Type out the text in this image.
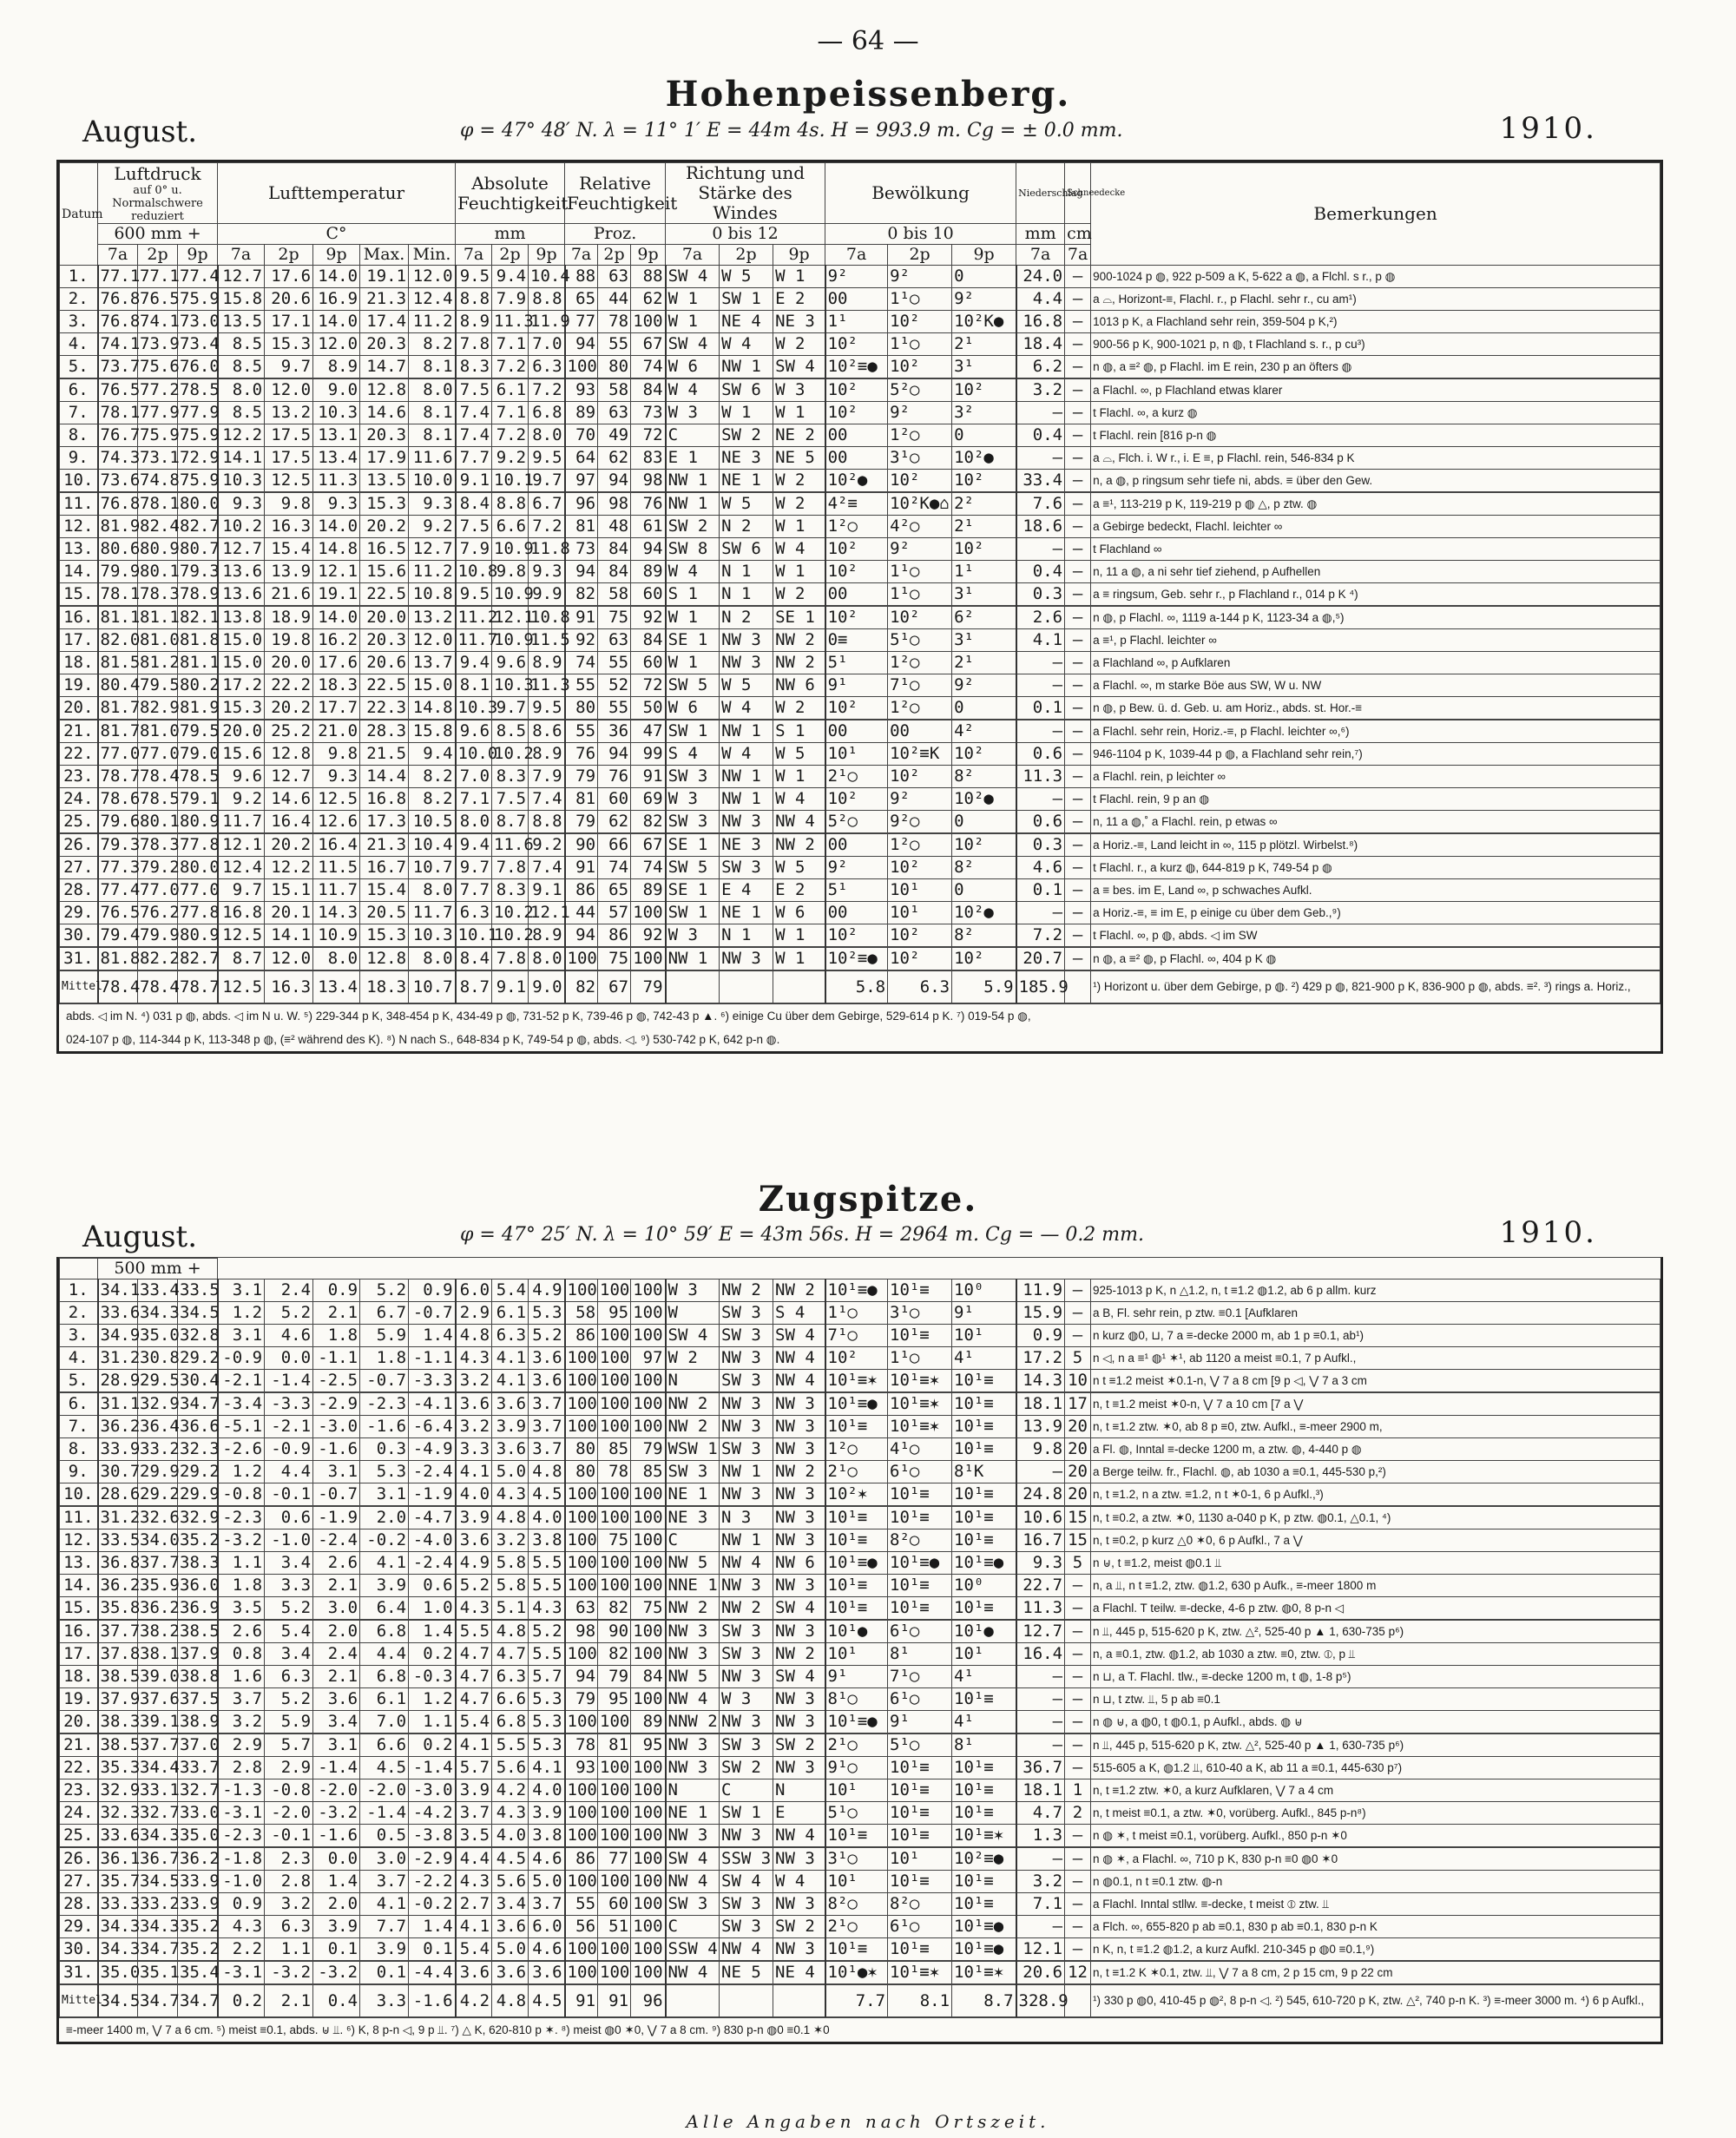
— 64 —
Hohenpeissenberg.
August.	φ = 47° 48′ N. λ = 11° 1′ E = 44m 4s. H = 993.9 m. Cg = ± 0.0 mm.	1910.
Datum	Luftdruck
auf 0° u. Normalschwere reduziert			Lufttemperatur					Absolute Feuchtigkeit			Relative Feuchtigkeit			Richtung und Stärke des Windes			Bewölkung			Niederschlag	Schneedecke	Bemerkungen
	600 mm +			C°					mm			Proz.			0 bis 12			0 bis 10			mm	cm	
	7a	2p	9p	7a	2p	9p	Max.	Min.	7a	2p	9p	7a	2p	9p	7a	2p	9p	7a	2p	9p	7a	7a	
1.	77.1	77.1	77.4	12.7	17.6	14.0	19.1	12.0	9.5	9.4	10.4	88	63	88	SW 4	W 5	W 1	9²	9²	0	24.0	–	900-1024 p ◍, 922 p-509 a K, 5-622 a ◍, a Flchl. s r., p ◍
2.	76.8	76.5	75.9	15.8	20.6	16.9	21.3	12.4	8.8	7.9	8.8	65	44	62	W 1	SW 1	E 2	00	1¹○	9²	4.4	–	a ⌓, Horizont-≡, Flachl. r., p Flachl. sehr r., cu am¹)
3.	76.8	74.1	73.0	13.5	17.1	14.0	17.4	11.2	8.9	11.3	11.9	77	78	100	W 1	NE 4	NE 3	1¹	10²	10²K●	16.8	–	1013 p K, a Flachland sehr rein, 359-504 p K,²)
4.	74.1	73.9	73.4	8.5	15.3	12.0	20.3	8.2	7.8	7.1	7.0	94	55	67	SW 4	W 4	W 2	10²	1¹○	2¹	18.4	–	900-56 p K, 900-1021 p, n ◍, t Flachland s. r., p cu³)
5.	73.7	75.6	76.0	8.5	9.7	8.9	14.7	8.1	8.3	7.2	6.3	100	80	74	W 6	NW 1	SW 4	10²≡●	10²	3¹	6.2	–	n ◍, a ≡² ◍, p Flachl. im E rein, 230 p an öfters ◍
6.	76.5	77.2	78.5	8.0	12.0	9.0	12.8	8.0	7.5	6.1	7.2	93	58	84	W 4	SW 6	W 3	10²	5²○	10²	3.2	–	a Flachl. ∞, p Flachland etwas klarer
7.	78.1	77.9	77.9	8.5	13.2	10.3	14.6	8.1	7.4	7.1	6.8	89	63	73	W 3	W 1	W 1	10²	9²	3²	–	–	t Flachl. ∞, a kurz ◍
8.	76.7	75.9	75.9	12.2	17.5	13.1	20.3	8.1	7.4	7.2	8.0	70	49	72	C	SW 2	NE 2	00	1²○	0	0.4	–	t Flachl. rein [816 p-n ◍
9.	74.3	73.1	72.9	14.1	17.5	13.4	17.9	11.6	7.7	9.2	9.5	64	62	83	E 1	NE 3	NE 5	00	3¹○	10²●	–	–	a ⌓, Flch. i. W r., i. E ≡, p Flachl. rein, 546-834 p K
10.	73.6	74.8	75.9	10.3	12.5	11.3	13.5	10.0	9.1	10.1	9.7	97	94	98	NW 1	NE 1	W 2	10²●	10²	10²	33.4	–	n, a ◍, p ringsum sehr tiefe ni, abds. ≡ über den Gew.
11.	76.8	78.1	80.0	9.3	9.8	9.3	15.3	9.3	8.4	8.8	6.7	96	98	76	NW 1	W 5	W 2	4²≡	10²K●⌂	2²	7.6	–	a ≡¹, 113-219 p K, 119-219 p ◍ △, p ztw. ◍
12.	81.9	82.4	82.7	10.2	16.3	14.0	20.2	9.2	7.5	6.6	7.2	81	48	61	SW 2	N 2	W 1	1²○	4²○	2¹	18.6	–	a Gebirge bedeckt, Flachl. leichter ∞
13.	80.6	80.9	80.7	12.7	15.4	14.8	16.5	12.7	7.9	10.9	11.8	73	84	94	SW 8	SW 6	W 4	10²	9²	10²	–	–	t Flachland ∞
14.	79.9	80.1	79.3	13.6	13.9	12.1	15.6	11.2	10.8	9.8	9.3	94	84	89	W 4	N 1	W 1	10²	1¹○	1¹	0.4	–	n, 11 a ◍, a ni sehr tief ziehend, p Aufhellen
15.	78.1	78.3	78.9	13.6	21.6	19.1	22.5	10.8	9.5	10.9	9.9	82	58	60	S 1	N 1	W 2	00	1¹○	3¹	0.3	–	a ≡ ringsum, Geb. sehr r., p Flachland r., 014 p K ⁴)
16.	81.1	81.1	82.1	13.8	18.9	14.0	20.0	13.2	11.2	12.1	10.8	91	75	92	W 1	N 2	SE 1	10²	10²	6²	2.6	–	n ◍, p Flachl. ∞, 1119 a-144 p K, 1123-34 a ◍,⁵)
17.	82.0	81.0	81.8	15.0	19.8	16.2	20.3	12.0	11.7	10.9	11.5	92	63	84	SE 1	NW 3	NW 2	0≡	5¹○	3¹	4.1	–	a ≡¹, p Flachl. leichter ∞
18.	81.5	81.2	81.1	15.0	20.0	17.6	20.6	13.7	9.4	9.6	8.9	74	55	60	W 1	NW 3	NW 2	5¹	1²○	2¹	–	–	a Flachland ∞, p Aufklaren
19.	80.4	79.5	80.2	17.2	22.2	18.3	22.5	15.0	8.1	10.3	11.3	55	52	72	SW 5	W 5	NW 6	9¹	7¹○	9²	–	–	a Flachl. ∞, m starke Böe aus SW, W u. NW
20.	81.7	82.9	81.9	15.3	20.2	17.7	22.3	14.8	10.3	9.7	9.5	80	55	50	W 6	W 4	W 2	10²	1²○	0	0.1	–	n ◍, p Bew. ü. d. Geb. u. am Horiz., abds. st. Hor.-≡
21.	81.7	81.0	79.5	20.0	25.2	21.0	28.3	15.8	9.6	8.5	8.6	55	36	47	SW 1	NW 1	S 1	00	00	4²	–	–	a Flachl. sehr rein, Horiz.-≡, p Flachl. leichter ∞,⁶)
22.	77.0	77.0	79.0	15.6	12.8	9.8	21.5	9.4	10.0	10.2	8.9	76	94	99	S 4	W 4	W 5	10¹	10²≡K	10²	0.6	–	946-1104 p K, 1039-44 p ◍, a Flachland sehr rein,⁷)
23.	78.7	78.4	78.5	9.6	12.7	9.3	14.4	8.2	7.0	8.3	7.9	79	76	91	SW 3	NW 1	W 1	2¹○	10²	8²	11.3	–	a Flachl. rein, p leichter ∞
24.	78.6	78.5	79.1	9.2	14.6	12.5	16.8	8.2	7.1	7.5	7.4	81	60	69	W 3	NW 1	W 4	10²	9²	10²●	–	–	t Flachl. rein, 9 p an ◍
25.	79.6	80.1	80.9	11.7	16.4	12.6	17.3	10.5	8.0	8.7	8.8	79	62	82	SW 3	NW 3	NW 4	5²○	9²○	0	0.6	–	n, 11 a ◍,˚ a Flachl. rein, p etwas ∞
26.	79.3	78.3	77.8	12.1	20.2	16.4	21.3	10.4	9.4	11.6	9.2	90	66	67	SE 1	NE 3	NW 2	00	1²○	10²	0.3	–	a Horiz.-≡, Land leicht in ∞, 115 p plötzl. Wirbelst.⁸)
27.	77.3	79.2	80.0	12.4	12.2	11.5	16.7	10.7	9.7	7.8	7.4	91	74	74	SW 5	SW 3	W 5	9²	10²	8²	4.6	–	t Flachl. r., a kurz ◍, 644-819 p K, 749-54 p ◍
28.	77.4	77.0	77.0	9.7	15.1	11.7	15.4	8.0	7.7	8.3	9.1	86	65	89	SE 1	E 4	E 2	5¹	10¹	0	0.1	–	a ≡ bes. im E, Land ∞, p schwaches Aufkl.
29.	76.5	76.2	77.8	16.8	20.1	14.3	20.5	11.7	6.3	10.2	12.1	44	57	100	SW 1	NE 1	W 6	00	10¹	10²●	–	–	a Horiz.-≡, ≡ im E, p einige cu über dem Geb.,⁹)
30.	79.4	79.9	80.9	12.5	14.1	10.9	15.3	10.3	10.1	10.2	8.9	94	86	92	W 3	N 1	W 1	10²	10²	8²	7.2	–	t Flachl. ∞, p ◍, abds. ◁ im SW
31.	81.8	82.2	82.7	8.7	12.0	8.0	12.8	8.0	8.4	7.8	8.0	100	75	100	NW 1	NW 3	W 1	10²≡●	10²	10²	20.7	–	n ◍, a ≡² ◍, p Flachl. ∞, 404 p K ◍
Mittel	78.4	78.4	78.7	12.5	16.3	13.4	18.3	10.7	8.7	9.1	9.0	82	67	79				5.8	6.3	5.9	185.9		¹) Horizont u. über dem Gebirge, p ◍. ²) 429 p ◍, 821-900 p K, 836-900 p ◍, abds. ≡². ³) rings a. Horiz.,
abds. ◁ im N. ⁴) 031 p ◍, abds. ◁ im N u. W. ⁵) 229-344 p K, 348-454 p K, 434-49 p ◍, 731-52 p K, 739-46 p ◍, 742-43 p ▲. ⁶) einige Cu über dem Gebirge, 529-614 p K. ⁷) 019-54 p ◍,
024-107 p ◍, 114-344 p K, 113-348 p ◍, (≡² während des K). ⁸) N nach S., 648-834 p K, 749-54 p ◍, abds. ◁. ⁹) 530-742 p K, 642 p-n ◍.
Zugspitze.
August.	φ = 47° 25′ N. λ = 10° 59′ E = 43m 56s. H = 2964 m. Cg = — 0.2 mm.	1910.
	500 mm +																						
1.	34.1	33.4	33.5	3.1	2.4	0.9	5.2	0.9	6.0	5.4	4.9	100	100	100	W 3	NW 2	NW 2	10¹≡●	10¹≡	10⁰	11.9	–	925-1013 p K, n △1.2, n, t ≡1.2 ◍1.2, ab 6 p allm. kurz
2.	33.6	34.3	34.5	1.2	5.2	2.1	6.7	-0.7	2.9	6.1	5.3	58	95	100	W	SW 3	S 4	1¹○	3¹○	9¹	15.9	–	a B, Fl. sehr rein, p ztw. ≡0.1 [Aufklaren
3.	34.9	35.0	32.8	3.1	4.6	1.8	5.9	1.4	4.8	6.3	5.2	86	100	100	SW 4	SW 3	SW 4	7¹○	10¹≡	10¹	0.9	–	n kurz ◍0, ⊔, 7 a ≡-decke 2000 m, ab 1 p ≡0.1, ab¹)
4.	31.2	30.8	29.2	-0.9	0.0	-1.1	1.8	-1.1	4.3	4.1	3.6	100	100	97	W 2	NW 3	NW 4	10²	1¹○	4¹	17.2	5	n ◁, n a ≡¹ ◍¹ ✶¹, ab 1120 a meist ≡0.1, 7 p Aufkl.,
5.	28.9	29.5	30.4	-2.1	-1.4	-2.5	-0.7	-3.3	3.2	4.1	3.6	100	100	100	N	SW 3	NW 4	10¹≡✶	10¹≡✶	10¹≡	14.3	10	n t ≡1.2 meist ✶0.1-n, ⋁ 7 a 8 cm [9 p ◁, ⋁ 7 a 3 cm
6.	31.1	32.9	34.7	-3.4	-3.3	-2.9	-2.3	-4.1	3.6	3.6	3.7	100	100	100	NW 2	NW 3	NW 3	10¹≡●	10¹≡✶	10¹≡	18.1	17	n, t ≡1.2 meist ✶0-n, ⋁ 7 a 10 cm [7 a ⋁
7.	36.2	36.4	36.6	-5.1	-2.1	-3.0	-1.6	-6.4	3.2	3.9	3.7	100	100	100	NW 2	NW 3	NW 3	10¹≡	10¹≡✶	10¹≡	13.9	20	n, t ≡1.2 ztw. ✶0, ab 8 p ≡0, ztw. Aufkl., ≡-meer 2900 m,
8.	33.9	33.2	32.3	-2.6	-0.9	-1.6	0.3	-4.9	3.3	3.6	3.7	80	85	79	WSW 1	SW 3	NW 3	1²○	4¹○	10¹≡	9.8	20	a Fl. ◍, Inntal ≡-decke 1200 m, a ztw. ◍, 4-440 p ◍
9.	30.7	29.9	29.2	1.2	4.4	3.1	5.3	-2.4	4.1	5.0	4.8	80	78	85	SW 3	NW 1	NW 2	2¹○	6¹○	8¹K	–	20	a Berge teilw. fr., Flachl. ◍, ab 1030 a ≡0.1, 445-530 p,²)
10.	28.6	29.2	29.9	-0.8	-0.1	-0.7	3.1	-1.9	4.0	4.3	4.5	100	100	100	NE 1	NW 3	NW 3	10²✶	10¹≡	10¹≡	24.8	20	n, t ≡1.2, n a ztw. ≡1.2, n t ✶0-1, 6 p Aufkl.,³)
11.	31.2	32.6	32.9	-2.3	0.6	-1.9	2.0	-4.7	3.9	4.8	4.0	100	100	100	NE 3	N 3	NW 3	10¹≡	10¹≡	10¹≡	10.6	15	n, t ≡0.2, a ztw. ✶0, 1130 a-040 p K, p ztw. ◍0.1, △0.1, ⁴)
12.	33.5	34.0	35.2	-3.2	-1.0	-2.4	-0.2	-4.0	3.6	3.2	3.8	100	75	100	C	NW 1	NW 3	10¹≡	8²○	10¹≡	16.7	15	n, t ≡0.2, p kurz △0 ✶0, 6 p Aufkl., 7 a ⋁
13.	36.8	37.7	38.3	1.1	3.4	2.6	4.1	-2.4	4.9	5.8	5.5	100	100	100	NW 5	NW 4	NW 6	10¹≡●	10¹≡●	10¹≡●	9.3	5	n ⊎, t ≡1.2, meist ◍0.1 ⫫
14.	36.2	35.9	36.0	1.8	3.3	2.1	3.9	0.6	5.2	5.8	5.5	100	100	100	NNE 1	NW 3	NW 3	10¹≡	10¹≡	10⁰	22.7	–	n, a ⫫, n t ≡1.2, ztw. ◍1.2, 630 p Aufk., ≡-meer 1800 m
15.	35.8	36.2	36.9	3.5	5.2	3.0	6.4	1.0	4.3	5.1	4.3	63	82	75	NW 2	NW 2	SW 4	10¹≡	10¹≡	10¹≡	11.3	–	a Flachl. T teilw. ≡-decke, 4-6 p ztw. ◍0, 8 p-n ◁
16.	37.7	38.2	38.5	2.6	5.4	2.0	6.8	1.4	5.5	4.8	5.2	98	90	100	NW 3	SW 3	NW 3	10¹●	6¹○	10¹●	12.7	–	n ⫫, 445 p, 515-620 p K, ztw. △², 525-40 p ▲ 1, 630-735 p⁶)
17.	37.8	38.1	37.9	0.8	3.4	2.4	4.4	0.2	4.7	4.7	5.5	100	82	100	NW 3	SW 3	NW 2	10¹	8¹	10¹	16.4	–	n, a ≡0.1, ztw. ◍1.2, ab 1030 a ztw. ≡0, ztw. ⦶, p ⫫
18.	38.5	39.0	38.8	1.6	6.3	2.1	6.8	-0.3	4.7	6.3	5.7	94	79	84	NW 5	NW 3	SW 4	9¹	7¹○	4¹	–	–	n ⊔, a T. Flachl. tlw., ≡-decke 1200 m, t ◍, 1-8 p⁵)
19.	37.9	37.6	37.5	3.7	5.2	3.6	6.1	1.2	4.7	6.6	5.3	79	95	100	NW 4	W 3	NW 3	8¹○	6¹○	10¹≡	–	–	n ⊔, t ztw. ⫫, 5 p ab ≡0.1
20.	38.3	39.1	38.9	3.2	5.9	3.4	7.0	1.1	5.4	6.8	5.3	100	100	89	NNW 2	NW 3	NW 3	10¹≡●	9¹	4¹	–	–	n ◍ ⊎, a ◍0, t ◍0.1, p Aufkl., abds. ◍ ⊎
21.	38.5	37.7	37.0	2.9	5.7	3.1	6.6	0.2	4.1	5.5	5.3	78	81	95	NW 3	SW 3	SW 2	2¹○	5¹○	8¹	–	–	n ⫫, 445 p, 515-620 p K, ztw. △², 525-40 p ▲ 1, 630-735 p⁶)
22.	35.3	34.4	33.7	2.8	2.9	-1.4	4.5	-1.4	5.7	5.6	4.1	93	100	100	NW 3	SW 2	NW 3	9¹○	10¹≡	10¹≡	36.7	–	515-605 a K, ◍1.2 ⫫, 610-40 a K, ab 11 a ≡0.1, 445-630 p⁷)
23.	32.9	33.1	32.7	-1.3	-0.8	-2.0	-2.0	-3.0	3.9	4.2	4.0	100	100	100	N	C	N	10¹	10¹≡	10¹≡	18.1	1	n, t ≡1.2 ztw. ✶0, a kurz Aufklaren, ⋁ 7 a 4 cm
24.	32.3	32.7	33.0	-3.1	-2.0	-3.2	-1.4	-4.2	3.7	4.3	3.9	100	100	100	NE 1	SW 1	E	5¹○	10¹≡	10¹≡	4.7	2	n, t meist ≡0.1, a ztw. ✶0, vorüberg. Aufkl., 845 p-n⁸)
25.	33.6	34.3	35.0	-2.3	-0.1	-1.6	0.5	-3.8	3.5	4.0	3.8	100	100	100	NW 3	NW 3	NW 4	10¹≡	10¹≡	10¹≡✶	1.3	–	n ◍ ✶, t meist ≡0.1, vorüberg. Aufkl., 850 p-n ✶0
26.	36.1	36.7	36.2	-1.8	2.3	0.0	3.0	-2.9	4.4	4.5	4.6	86	77	100	SW 4	SSW 3	NW 3	3¹○	10¹	10²≡●	–	–	n ◍ ✶, a Flachl. ∞, 710 p K, 830 p-n ≡0 ◍0 ✶0
27.	35.7	34.5	33.9	-1.0	2.8	1.4	3.7	-2.2	4.3	5.6	5.0	100	100	100	NW 4	SW 4	W 4	10¹	10¹≡	10¹≡	3.2	–	n ◍0.1, n t ≡0.1 ztw. ◍-n
28.	33.3	33.2	33.9	0.9	3.2	2.0	4.1	-0.2	2.7	3.4	3.7	55	60	100	SW 3	SW 3	NW 3	8²○	8²○	10¹≡	7.1	–	a Flachl. Inntal stllw. ≡-decke, t meist ⦶ ztw. ⫫
29.	34.3	34.3	35.2	4.3	6.3	3.9	7.7	1.4	4.1	3.6	6.0	56	51	100	C	SW 3	SW 2	2¹○	6¹○	10¹≡●	–	–	a Flch. ∞, 655-820 p ab ≡0.1, 830 p ab ≡0.1, 830 p-n K
30.	34.3	34.7	35.2	2.2	1.1	0.1	3.9	0.1	5.4	5.0	4.6	100	100	100	SSW 4	NW 4	NW 3	10¹≡	10¹≡	10¹≡●	12.1	–	n K, n, t ≡1.2 ◍1.2, a kurz Aufkl. 210-345 p ◍0 ≡0.1,⁹)
31.	35.0	35.1	35.4	-3.1	-3.2	-3.2	0.1	-4.4	3.6	3.6	3.6	100	100	100	NW 4	NE 5	NE 4	10¹●✶	10¹≡✶	10¹≡✶	20.6	12	n, t ≡1.2 K ✶0.1, ztw. ⫫, ⋁ 7 a 8 cm, 2 p 15 cm, 9 p 22 cm
Mittel	34.5	34.7	34.7	0.2	2.1	0.4	3.3	-1.6	4.2	4.8	4.5	91	91	96				7.7	8.1	8.7	328.9		¹) 330 p ◍0, 410-45 p ◍², 8 p-n ◁. ²) 545, 610-720 p K, ztw. △², 740 p-n K. ³) ≡-meer 3000 m. ⁴) 6 p Aufkl.,
≡-meer 1400 m, ⋁ 7 a 6 cm. ⁵) meist ≡0.1, abds. ⊎ ⫫. ⁶) K, 8 p-n ◁, 9 p ⫫. ⁷) △ K, 620-810 p ✶. ⁸) meist ◍0 ✶0, ⋁ 7 a 8 cm. ⁹) 830 p-n ◍0 ≡0.1 ✶0
Alle Angaben nach Ortszeit.
